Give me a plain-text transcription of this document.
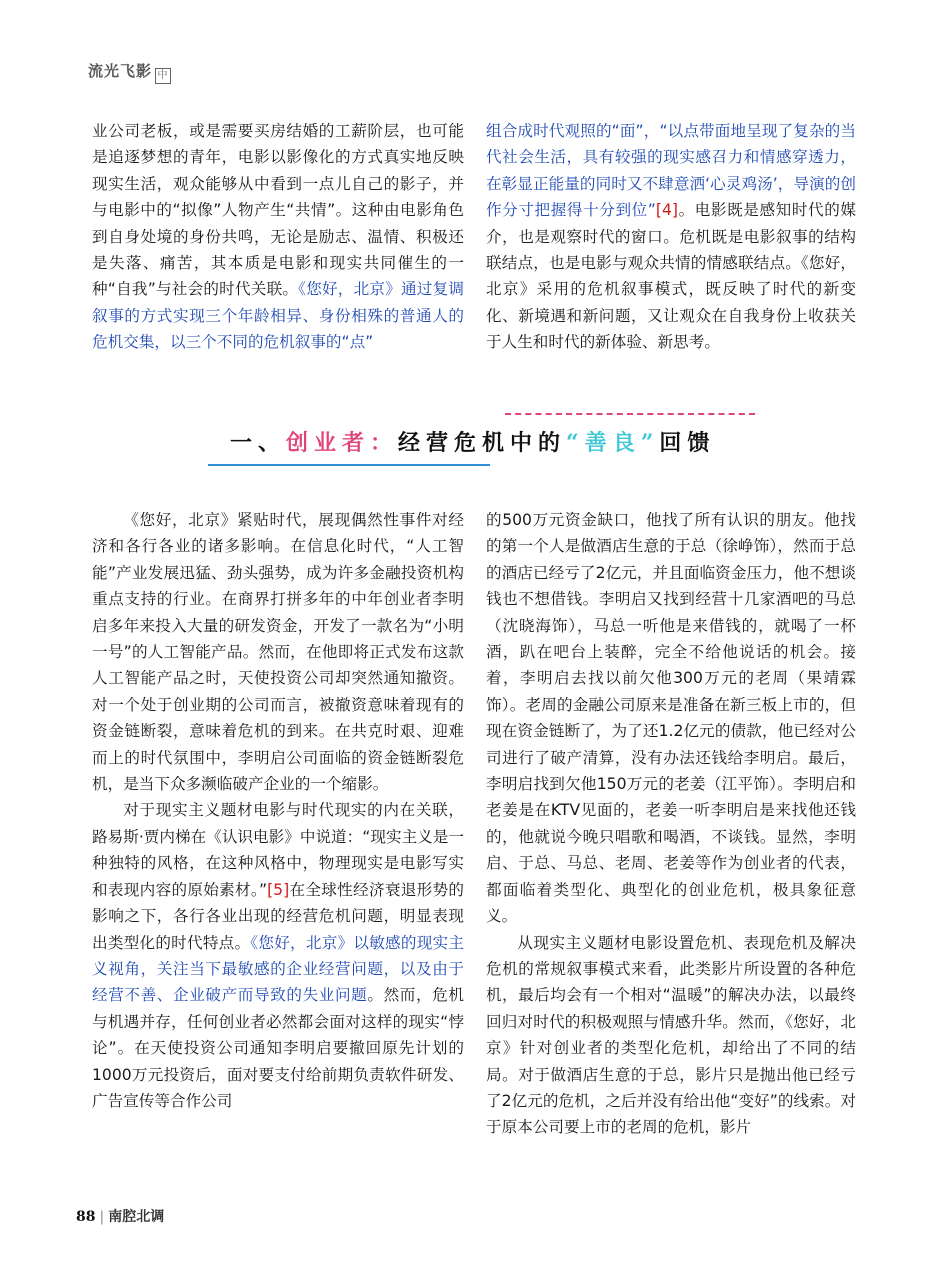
流光飞影 中

业公司老板，或是需要买房结婚的工薪阶层，也可能是追逐梦想的青年，电影以影像化的方式真实地反映现实生活，观众能够从中看到一点儿自己的影子，并与电影中的“拟像”人物产生“共情”。这种由电影角色到自身处境的身份共鸣，无论是励志、温情、积极还是失落、痛苦，其本质是电影和现实共同催生的一种“自我”与社会的时代关联。《您好，北京》通过复调叙事的方式实现三个年龄相异、身份相殊的普通人的危机交集，以三个不同的危机叙事的“点”

组合成时代观照的“面”，“以点带面地呈现了复杂的当代社会生活，具有较强的现实感召力和情感穿透力，在彰显正能量的同时又不肆意洒‘心灵鸡汤’，导演的创作分寸把握得十分到位”[4]。电影既是感知时代的媒介，也是观察时代的窗口。危机既是电影叙事的结构联结点，也是电影与观众共情的情感联结点。《您好，北京》采用的危机叙事模式，既反映了时代的新变化、新境遇和新问题，又让观众在自我身份上收获关于人生和时代的新体验、新思考。

一、创业者：经营危机中的“善良”回馈

《您好，北京》紧贴时代，展现偶然性事件对经济和各行各业的诸多影响。在信息化时代，“人工智能”产业发展迅猛、劲头强势，成为许多金融投资机构重点支持的行业。在商界打拼多年的中年创业者李明启多年来投入大量的研发资金，开发了一款名为“小明一号”的人工智能产品。然而，在他即将正式发布这款人工智能产品之时，天使投资公司却突然通知撤资。对一个处于创业期的公司而言，被撤资意味着现有的资金链断裂，意味着危机的到来。在共克时艰、迎难而上的时代氛围中，李明启公司面临的资金链断裂危机，是当下众多濒临破产企业的一个缩影。

对于现实主义题材电影与时代现实的内在关联，路易斯·贾内梯在《认识电影》中说道：“现实主义是一种独特的风格，在这种风格中，物理现实是电影写实和表现内容的原始素材。”[5]在全球性经济衰退形势的影响之下，各行各业出现的经营危机问题，明显表现出类型化的时代特点。《您好，北京》以敏感的现实主义视角，关注当下最敏感的企业经营问题，以及由于经营不善、企业破产而导致的失业问题。然而，危机与机遇并存，任何创业者必然都会面对这样的现实“悖论”。在天使投资公司通知李明启要撤回原先计划的1000万元投资后，面对要支付给前期负责软件研发、广告宣传等合作公司

的500万元资金缺口，他找了所有认识的朋友。他找的第一个人是做酒店生意的于总（徐峥饰），然而于总的酒店已经亏了2亿元，并且面临资金压力，他不想谈钱也不想借钱。李明启又找到经营十几家酒吧的马总（沈晓海饰），马总一听他是来借钱的，就喝了一杯酒，趴在吧台上装醉，完全不给他说话的机会。接着，李明启去找以前欠他300万元的老周（果靖霖饰）。老周的金融公司原来是准备在新三板上市的，但现在资金链断了，为了还1.2亿元的债款，他已经对公司进行了破产清算，没有办法还钱给李明启。最后，李明启找到欠他150万元的老姜（江平饰）。李明启和老姜是在KTV见面的，老姜一听李明启是来找他还钱的，他就说今晚只唱歌和喝酒，不谈钱。显然，李明启、于总、马总、老周、老姜等作为创业者的代表，都面临着类型化、典型化的创业危机，极具象征意义。

从现实主义题材电影设置危机、表现危机及解决危机的常规叙事模式来看，此类影片所设置的各种危机，最后均会有一个相对“温暖”的解决办法，以最终回归对时代的积极观照与情感升华。然而，《您好，北京》针对创业者的类型化危机，却给出了不同的结局。对于做酒店生意的于总，影片只是抛出他已经亏了2亿元的危机，之后并没有给出他“变好”的线索。对于原本公司要上市的老周的危机，影片

88 | 南腔北调
